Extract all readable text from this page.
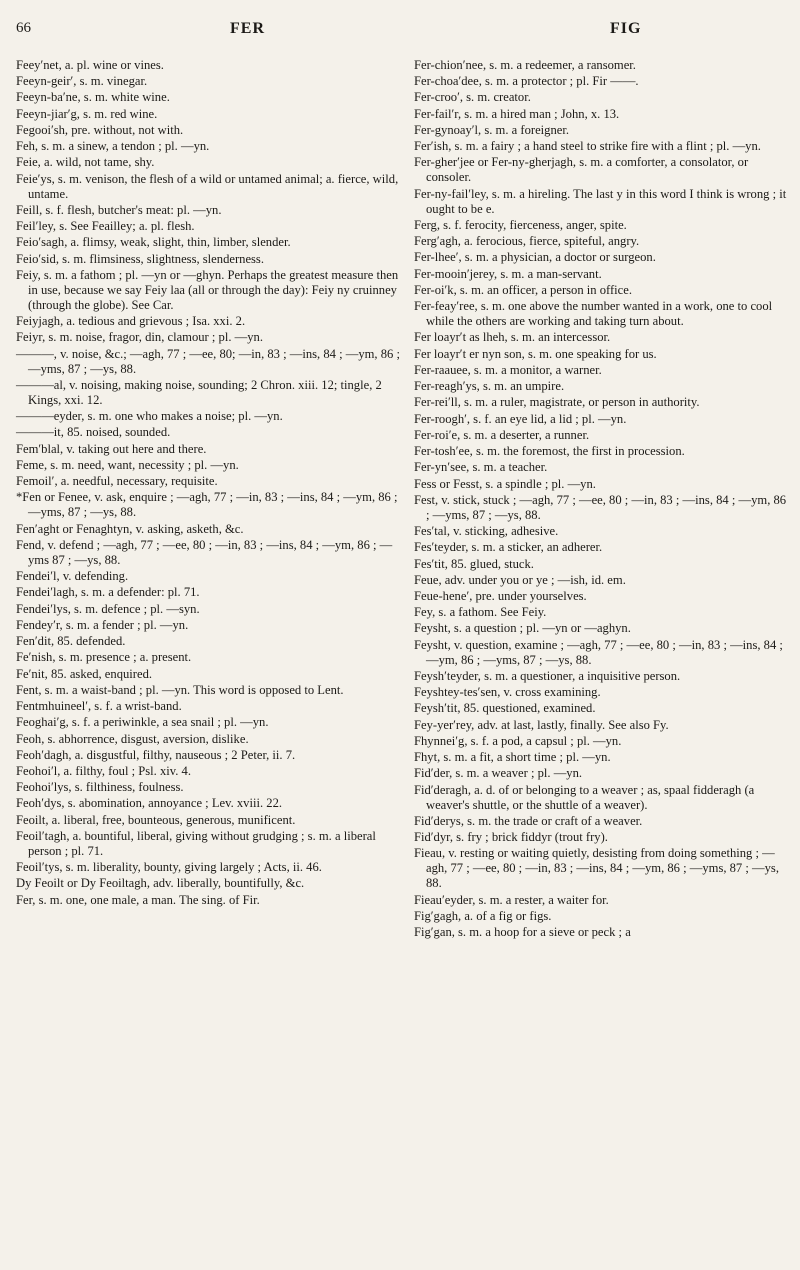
66	FER	FIG

Feey′net, a. pl. wine or vines.

Feeyn-geir′, s. m. vinegar.

Feeyn-ba′ne, s. m. white wine.

Feeyn-jiar′g, s. m. red wine.

Fegooi′sh, pre. without, not with.

Feh, s. m. a sinew, a tendon ; pl. —yn.

Feie, a. wild, not tame, shy.

Feie′ys, s. m. venison, the flesh of a wild or untamed animal; a. fierce, wild, untame.

Feill, s. f. flesh, butcher's meat: pl. —yn.

Feil′ley, s. See Feailley; a. pl. flesh.

Feio′sagh, a. flimsy, weak, slight, thin, limber, slender.

Feio′sid, s. m. flimsiness, slightness, slenderness.

Feiy, s. m. a fathom ; pl. —yn or —ghyn. Perhaps the greatest measure then in use, because we say Feiy laa (all or through the day): Feiy ny cruinney (through the globe). See Car.

Feiyjagh, a. tedious and grievous ; Isa. xxi. 2.

Feiyr, s. m. noise, fragor, din, clamour ; pl. —yn.

———, v. noise, &c.; —agh, 77 ; —ee, 80; —in, 83 ; —ins, 84 ; —ym, 86 ; —yms, 87 ; —ys, 88.

———al, v. noising, making noise, sounding; 2 Chron. xiii. 12; tingle, 2 Kings, xxi. 12.

———eyder, s. m. one who makes a noise; pl. —yn.

———it, 85. noised, sounded.

Fem′blal, v. taking out here and there.

Feme, s. m. need, want, necessity ; pl. —yn.

Femoil′, a. needful, necessary, requisite.

*Fen or Fenee, v. ask, enquire ; —agh, 77 ; —in, 83 ; —ins, 84 ; —ym, 86 ; —yms, 87 ; —ys, 88.

Fen′aght or Fenaghtyn, v. asking, asketh, &c.

Fend, v. defend ; —agh, 77 ; —ee, 80 ; —in, 83 ; —ins, 84 ; —ym, 86 ; —yms 87 ; —ys, 88.

Fendei′l, v. defending.

Fendei′lagh, s. m. a defender: pl. 71.

Fendei′lys, s. m. defence ; pl. —syn.

Fendey′r, s. m. a fender ; pl. —yn.

Fen′dit, 85. defended.

Fe′nish, s. m. presence ; a. present.

Fe′nit, 85. asked, enquired.

Fent, s. m. a waist-band ; pl. —yn. This word is opposed to Lent.

Fentmhuineel′, s. f. a wrist-band.

Feoghai′g, s. f. a periwinkle, a sea snail ; pl. —yn.

Feoh, s. abhorrence, disgust, aversion, dislike.

Feoh′dagh, a. disgustful, filthy, nauseous ; 2 Peter, ii. 7.

Feohoi′l, a. filthy, foul ; Psl. xiv. 4.

Feohoi′lys, s. filthiness, foulness.

Feoh′dys, s. abomination, annoyance ; Lev. xviii. 22.

Feoilt, a. liberal, free, bounteous, generous, munificent.

Feoil′tagh, a. bountiful, liberal, giving without grudging ; s. m. a liberal person ; pl. 71.

Feoil′tys, s. m. liberality, bounty, giving largely ; Acts, ii. 46.

Dy Feoilt or Dy Feoiltagh, adv. liberally, bountifully, &c.

Fer, s. m. one, one male, a man. The sing. of Fir.

Fer-chion′nee, s. m. a redeemer, a ransomer.

Fer-choa′dee, s. m. a protector ; pl. Fir ——.

Fer-croo′, s. m. creator.

Fer-fail′r, s. m. a hired man ; John, x. 13.

Fer-gynoay′l, s. m. a foreigner.

Fer′ish, s. m. a fairy ; a hand steel to strike fire with a flint ; pl. —yn.

Fer-gher′jee or Fer-ny-gherjagh, s. m. a comforter, a consolator, or consoler.

Fer-ny-fail′ley, s. m. a hireling. The last y in this word I think is wrong ; it ought to be e.

Ferg, s. f. ferocity, fierceness, anger, spite.

Ferg′agh, a. ferocious, fierce, spiteful, angry.

Fer-lhee′, s. m. a physician, a doctor or surgeon.

Fer-mooin′jerey, s. m. a man-servant.

Fer-oi′k, s. m. an officer, a person in office.

Fer-feay′ree, s. m. one above the number wanted in a work, one to cool while the others are working and taking turn about.

Fer loayr′t as lheh, s. m. an intercessor.

Fer loayr′t er nyn son, s. m. one speaking for us.

Fer-raauee, s. m. a monitor, a warner.

Fer-reagh′ys, s. m. an umpire.

Fer-rei′ll, s. m. a ruler, magistrate, or person in authority.

Fer-roogh′, s. f. an eye lid, a lid ; pl. —yn.

Fer-roi′e, s. m. a deserter, a runner.

Fer-tosh′ee, s. m. the foremost, the first in procession.

Fer-yn′see, s. m. a teacher.

Fess or Fesst, s. a spindle ; pl. —yn.

Fest, v. stick, stuck ; —agh, 77 ; —ee, 80 ; —in, 83 ; —ins, 84 ; —ym, 86 ; —yms, 87 ; —ys, 88.

Fes′tal, v. sticking, adhesive.

Fes′teyder, s. m. a sticker, an adherer.

Fes′tit, 85. glued, stuck.

Feue, adv. under you or ye ; —ish, id. em.

Feue-hene′, pre. under yourselves.

Fey, s. a fathom. See Feiy.

Feysht, s. a question ; pl. —yn or —aghyn.

Feysht, v. question, examine ; —agh, 77 ; —ee, 80 ; —in, 83 ; —ins, 84 ; —ym, 86 ; —yms, 87 ; —ys, 88.

Feysh′teyder, s. m. a questioner, a inquisitive person.

Feyshtey-tes′sen, v. cross examining.

Feysh′tit, 85. questioned, examined.

Fey-yer′rey, adv. at last, lastly, finally. See also Fy.

Fhynnei′g, s. f. a pod, a capsul ; pl. —yn.

Fhyt, s. m. a fit, a short time ; pl. —yn.

Fid′der, s. m. a weaver ; pl. —yn.

Fid′deragh, a. d. of or belonging to a weaver ; as, spaal fidderagh (a weaver's shuttle, or the shuttle of a weaver).

Fid′derys, s. m. the trade or craft of a weaver.

Fid′dyr, s. fry ; brick fiddyr (trout fry).

Fieau, v. resting or waiting quietly, desisting from doing something ; —agh, 77 ; —ee, 80 ; —in, 83 ; —ins, 84 ; —ym, 86 ; —yms, 87 ; —ys, 88.

Fieau′eyder, s. m. a rester, a waiter for.

Fig′gagh, a. of a fig or figs.

Fig′gan, s. m. a hoop for a sieve or peck ; a
